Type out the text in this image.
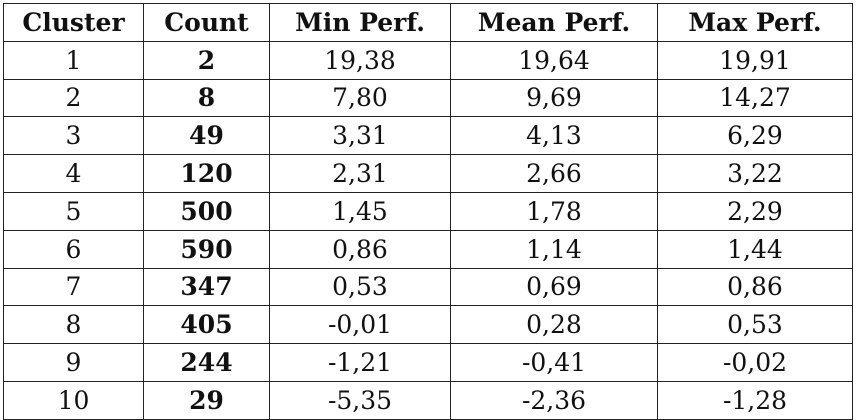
Cluster	Count	Min Perf.	Mean Perf.	Max Perf.
1	2	19,38	19,64	19,91
2	8	7,80	9,69	14,27
3	49	3,31	4,13	6,29
4	120	2,31	2,66	3,22
5	500	1,45	1,78	2,29
6	590	0,86	1,14	1,44
7	347	0,53	0,69	0,86
8	405	-0,01	0,28	0,53
9	244	-1,21	-0,41	-0,02
10	29	-5,35	-2,36	-1,28
